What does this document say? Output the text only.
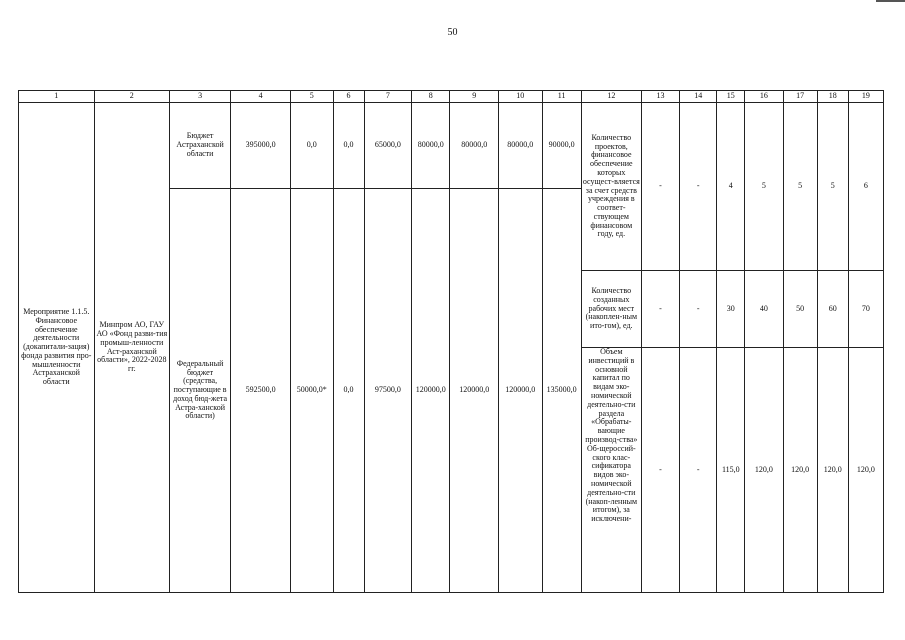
50
1	2	3	4	5	6	7	8	9	10	11	12	13	14	15	16	17	18	19
Мероприятие 1.1.5. Финансовое обеспечение деятельности (докапитали-зация) фонда развития про-мышленности Астраханской области	Минпром АО, ГАУ АО «Фонд разви-тия промыш-ленности Аст-раханской области», 2022-2028 гг.	Бюджет Астраханской области	395000,0	0,0	0,0	65000,0	80000,0	80000,0	80000,0	90000,0	Количество проектов, финансовое обеспечение которых осущест-вляется за счет средств учреждения в соответ-ствующем финансовом году, ед.	-	-	4	5	5	5	6
		Федеральный бюджет (средства, поступающие в доход бюд-жета Астра-ханской области)	592500,0	50000,0*	0,0	97500,0	120000,0	120000,0	120000,0	135000,0								
											Количество созданных рабочих мест (накоплен-ным ито-гом), ед.	-	-	30	40	50	60	70
											Объем инвестиций в основной капитал по видам эко-номической деятельно-сти раздела «Обрабаты-вающие производ-ства» Об-щероссий-ского клас-сификатора видов эко-номической деятельно-сти (накоп-ленным итогом), за исключени-	-	-	115,0	120,0	120,0	120,0	120,0
